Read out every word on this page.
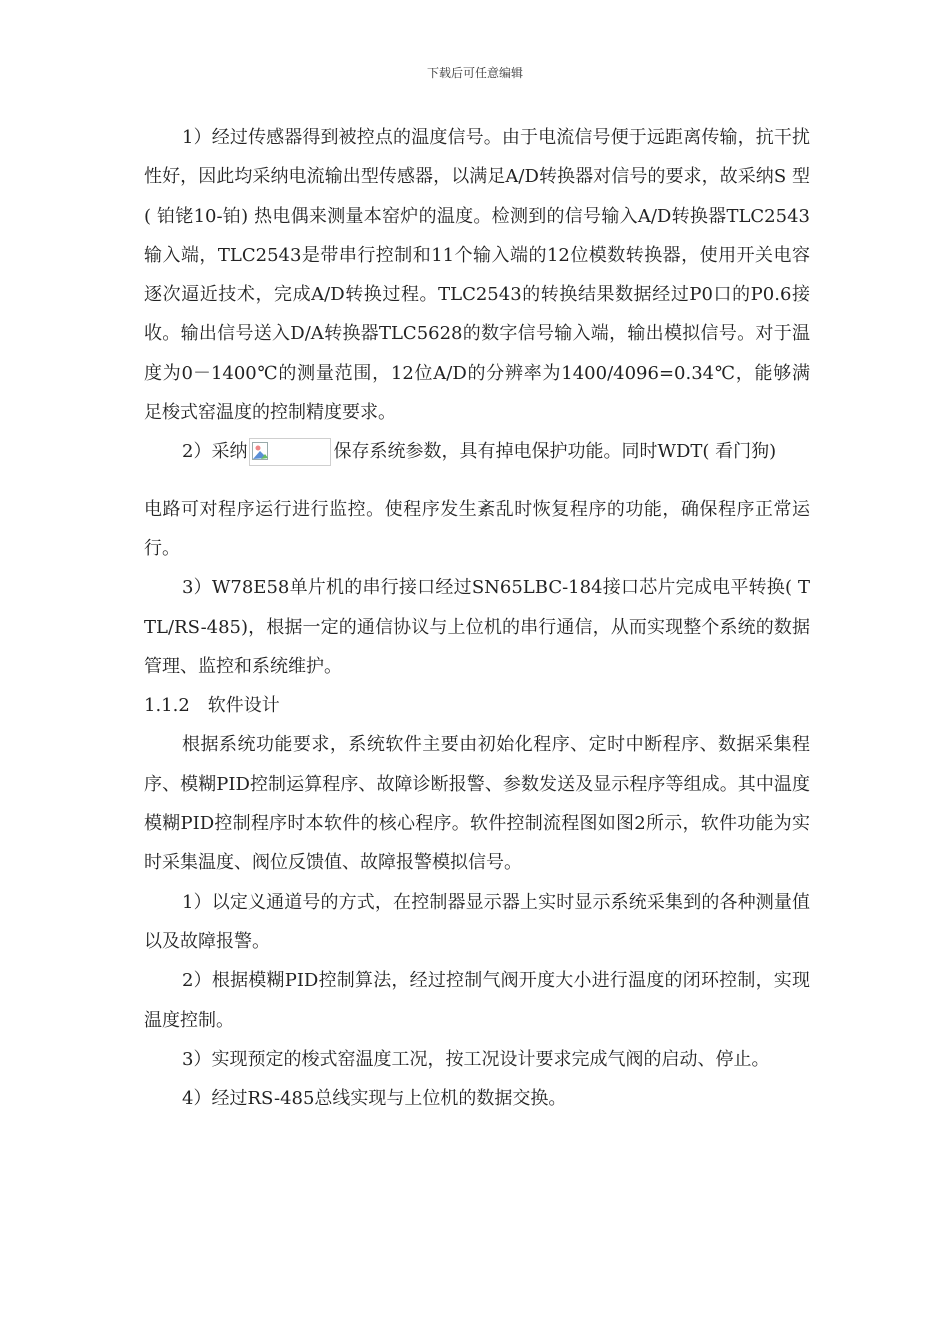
下载后可任意编辑

1）经过传感器得到被控点的温度信号。由于电流信号便于远距离传输，抗干扰性好，因此均采纳电流输出型传感器，以满足A/D转换器对信号的要求，故采纳S 型( 铂铑10-铂) 热电偶来测量本窑炉的温度。检测到的信号输入A/D转换器TLC2543输入端，TLC2543是带串行控制和11个输入端的12位模数转换器，使用开关电容逐次逼近技术，完成A/D转换过程。TLC2543的转换结果数据经过P0口的P0.6接收。输出信号送入D/A转换器TLC5628的数字信号输入端，输出模拟信号。对于温度为0－1400℃的测量范围，12位A/D的分辨率为1400/4096=0.34℃，能够满足梭式窑温度的控制精度要求。

2）采纳	保存系统参数，具有掉电保护功能。同时WDT( 看门狗)

电路可对程序运行进行监控。使程序发生紊乱时恢复程序的功能，确保程序正常运行。

3）W78E58单片机的串行接口经过SN65LBC-184接口芯片完成电平转换( TTL/RS-485)，根据一定的通信协议与上位机的串行通信，从而实现整个系统的数据管理、监控和系统维护。

1.1.2　软件设计

根据系统功能要求，系统软件主要由初始化程序、定时中断程序、数据采集程序、模糊PID控制运算程序、故障诊断报警、参数发送及显示程序等组成。其中温度模糊PID控制程序时本软件的核心程序。软件控制流程图如图2所示，软件功能为实时采集温度、阀位反馈值、故障报警模拟信号。

1）以定义通道号的方式，在控制器显示器上实时显示系统采集到的各种测量值以及故障报警。

2）根据模糊PID控制算法，经过控制气阀开度大小进行温度的闭环控制，实现温度控制。

3）实现预定的梭式窑温度工况，按工况设计要求完成气阀的启动、停止。

4）经过RS-485总线实现与上位机的数据交换。
